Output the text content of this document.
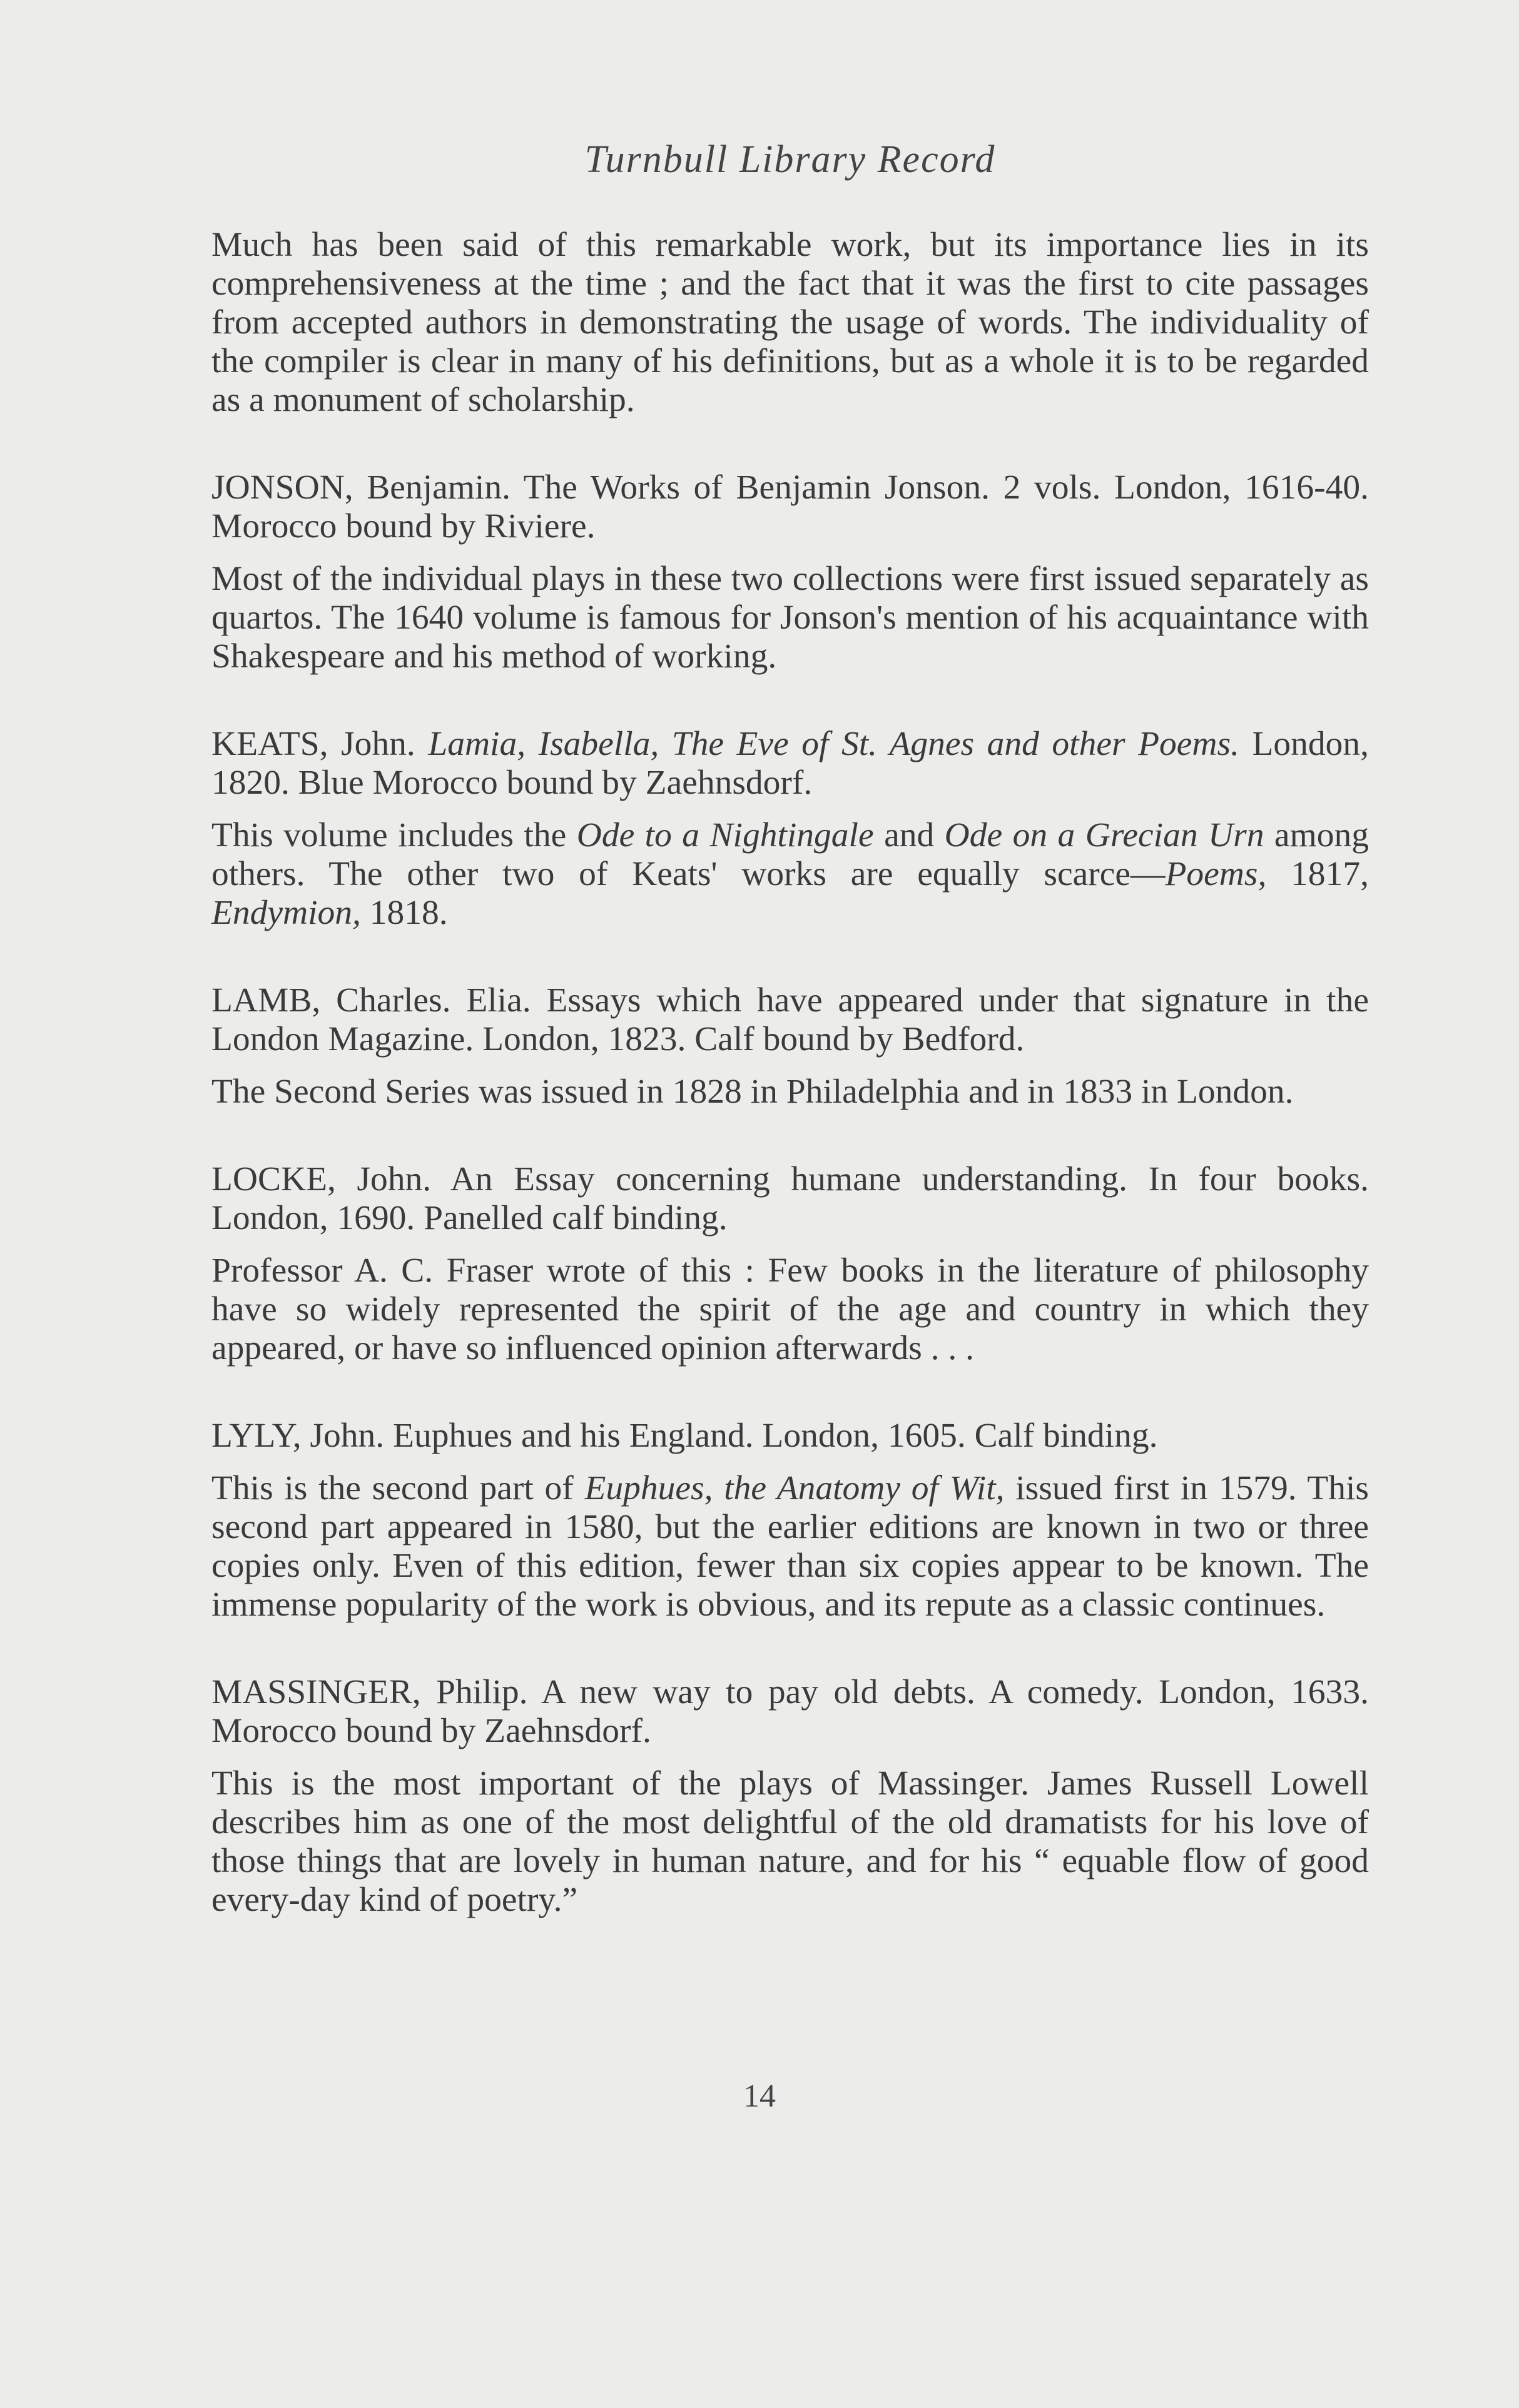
Turnbull Library Record

Much has been said of this remarkable work, but its importance lies in its comprehensiveness at the time ; and the fact that it was the first to cite passages from accepted authors in demonstrating the usage of words. The individuality of the compiler is clear in many of his definitions, but as a whole it is to be regarded as a monument of scholarship.

JONSON, Benjamin. The Works of Benjamin Jonson. 2 vols. London, 1616-40. Morocco bound by Riviere.

Most of the individual plays in these two collections were first issued separately as quartos. The 1640 volume is famous for Jonson's mention of his acquaintance with Shakespeare and his method of working.

KEATS, John. Lamia, Isabella, The Eve of St. Agnes and other Poems. London, 1820. Blue Morocco bound by Zaehnsdorf.

This volume includes the Ode to a Nightingale and Ode on a Grecian Urn among others. The other two of Keats' works are equally scarce—Poems, 1817, Endymion, 1818.

LAMB, Charles. Elia. Essays which have appeared under that signature in the London Magazine. London, 1823. Calf bound by Bedford.

The Second Series was issued in 1828 in Philadelphia and in 1833 in London.

LOCKE, John. An Essay concerning humane understanding. In four books. London, 1690. Panelled calf binding.

Professor A. C. Fraser wrote of this : Few books in the literature of philosophy have so widely represented the spirit of the age and country in which they appeared, or have so influenced opinion afterwards . . .

LYLY, John. Euphues and his England. London, 1605. Calf binding.

This is the second part of Euphues, the Anatomy of Wit, issued first in 1579. This second part appeared in 1580, but the earlier editions are known in two or three copies only. Even of this edition, fewer than six copies appear to be known. The immense popularity of the work is obvious, and its repute as a classic continues.

MASSINGER, Philip. A new way to pay old debts. A comedy. London, 1633. Morocco bound by Zaehnsdorf.

This is the most important of the plays of Massinger. James Russell Lowell describes him as one of the most delightful of the old dramatists for his love of those things that are lovely in human nature, and for his “ equable flow of good every-day kind of poetry.”

14
